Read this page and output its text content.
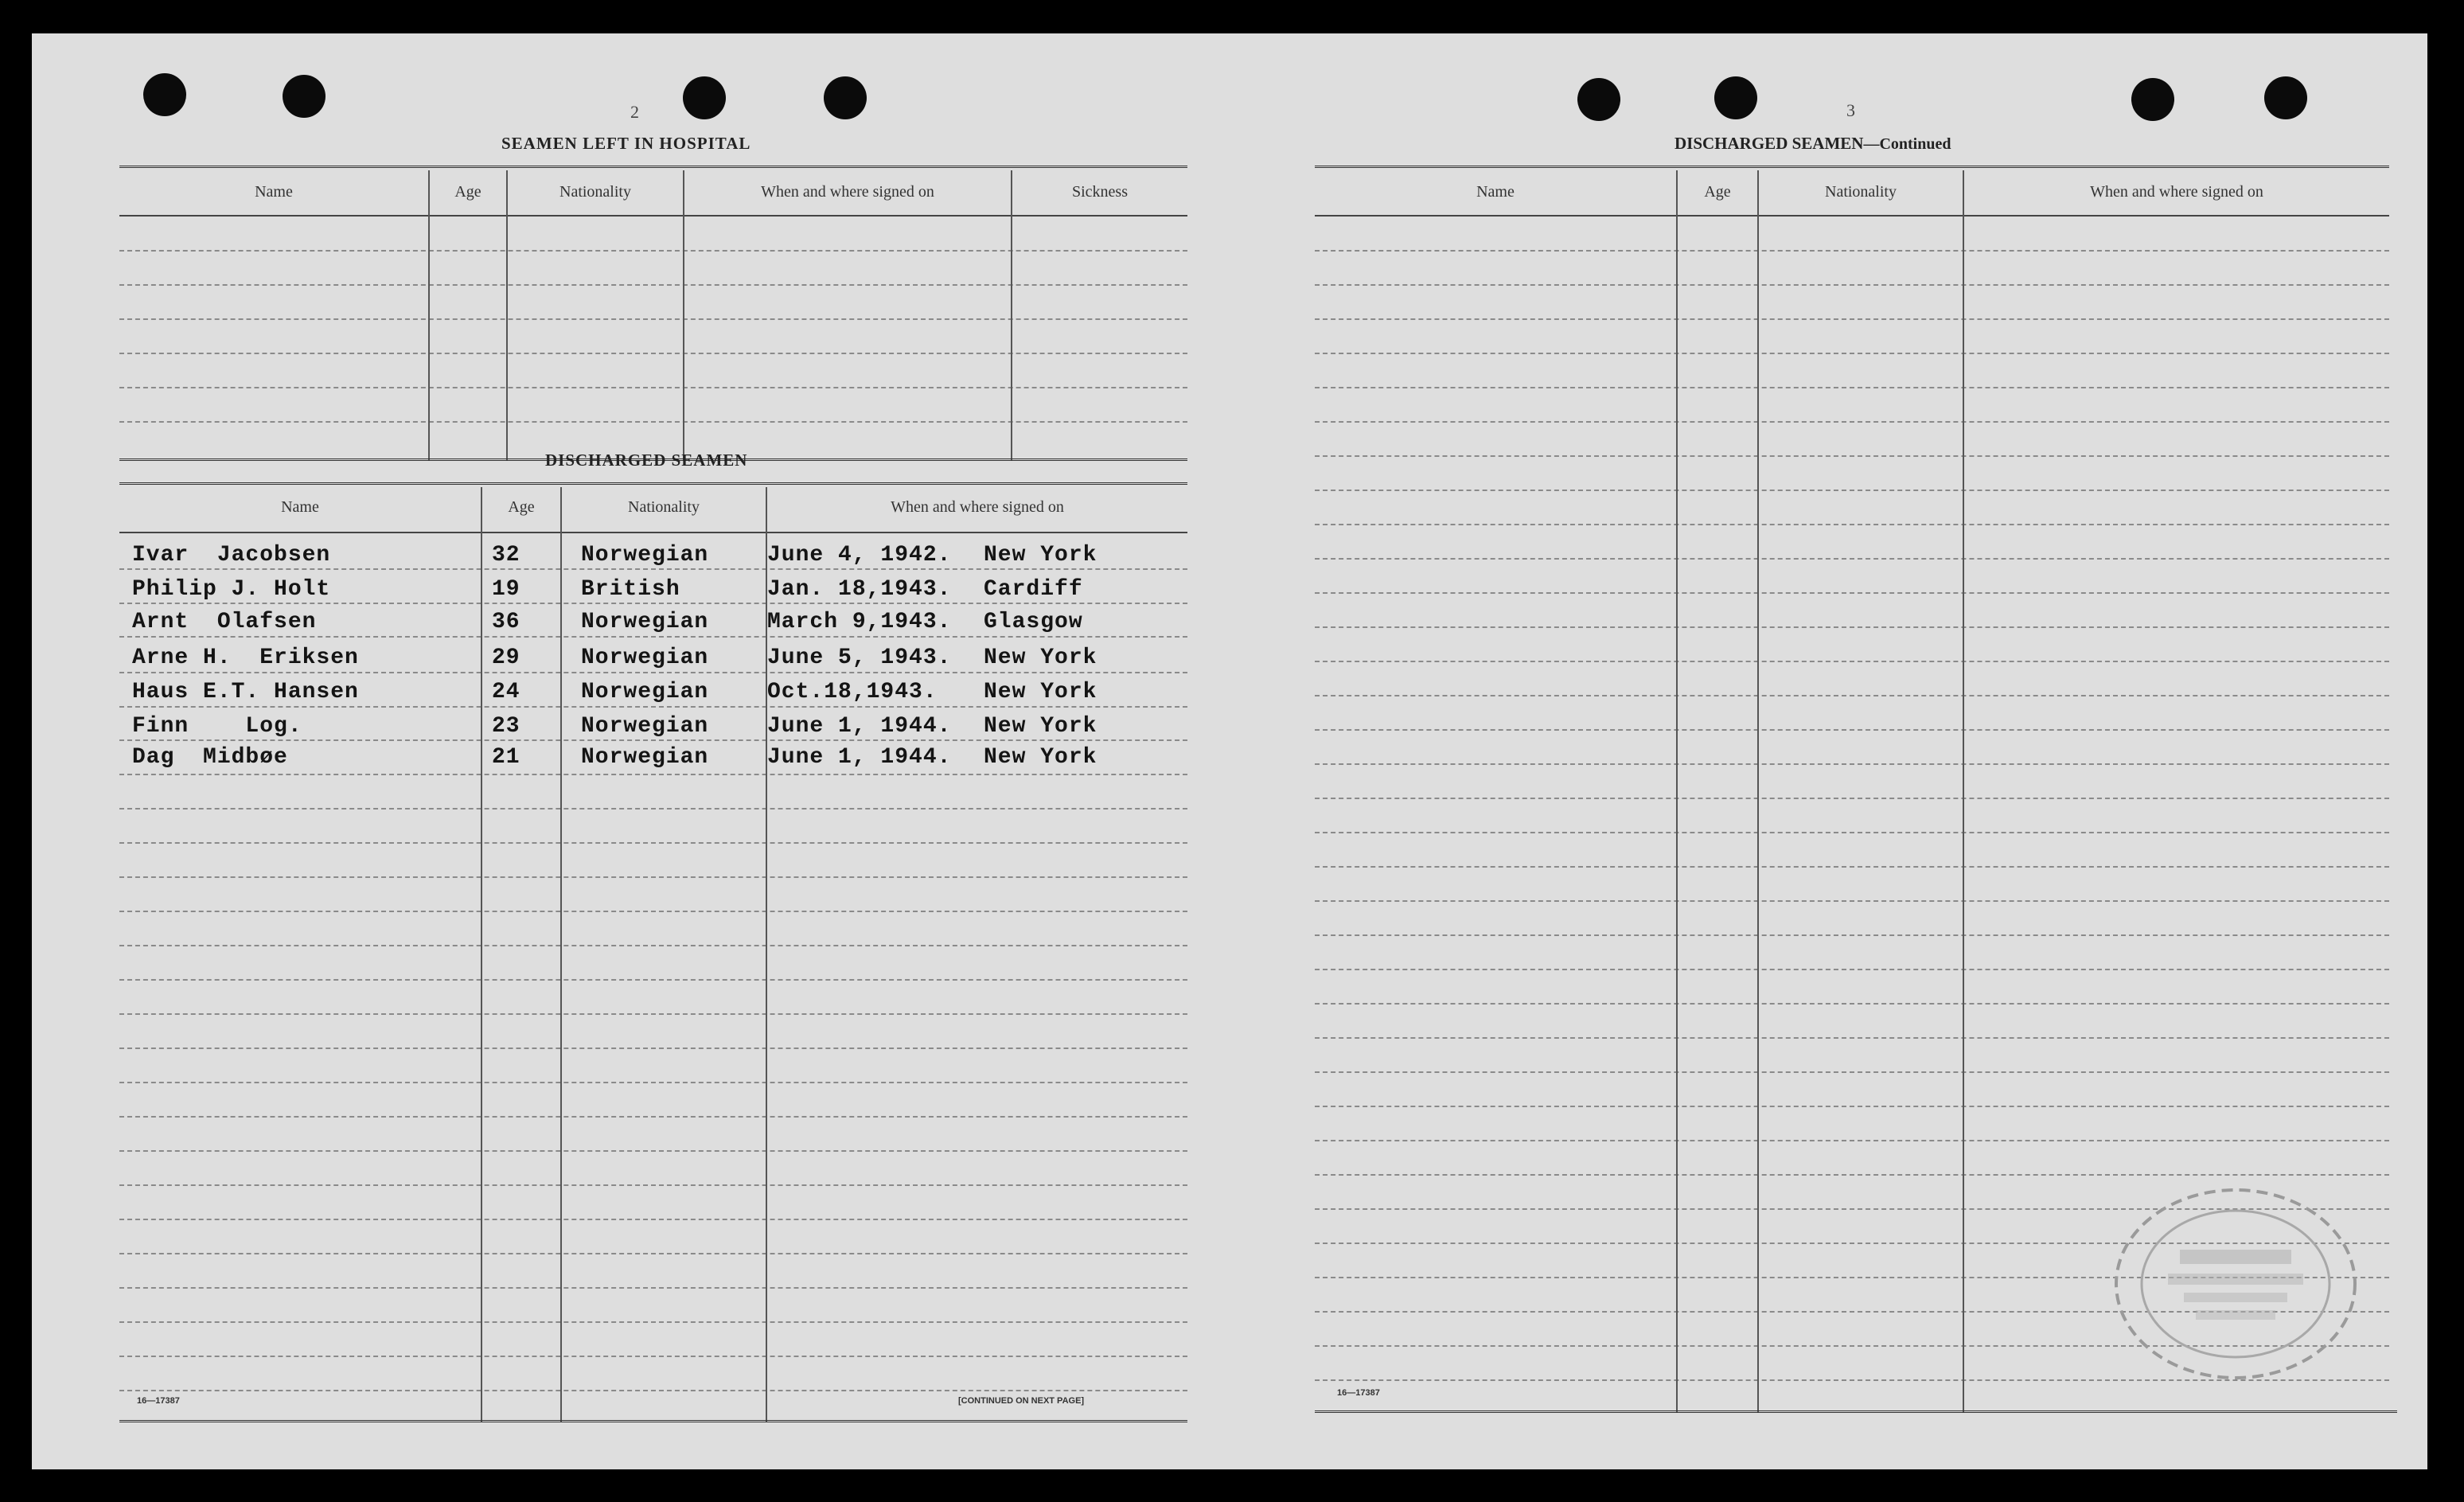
2
SEAMEN LEFT IN HOSPITAL
Name	Age	Nationality	When and where signed on	Sickness
DISCHARGED SEAMEN
Name	Age	Nationality	When and where signed on
Ivar  Jacobsen	32	Norwegian	June 4, 1942. New York
Philip J. Holt	19	British	Jan. 18,1943. Cardiff
Arnt  Olafsen	36	Norwegian	March 9,1943. Glasgow
Arne H.  Eriksen	29	Norwegian	June 5, 1943. New York
Haus E.T. Hansen	24	Norwegian	Oct.18,1943. New York
Finn    Log.	23	Norwegian	June 1, 1944. New York
Dag  Midbøe	21	Norwegian	June 1, 1944. New York
16—17387	[CONTINUED ON NEXT PAGE]
3
DISCHARGED SEAMEN—Continued
Name	Age	Nationality	When and where signed on
16—17387
